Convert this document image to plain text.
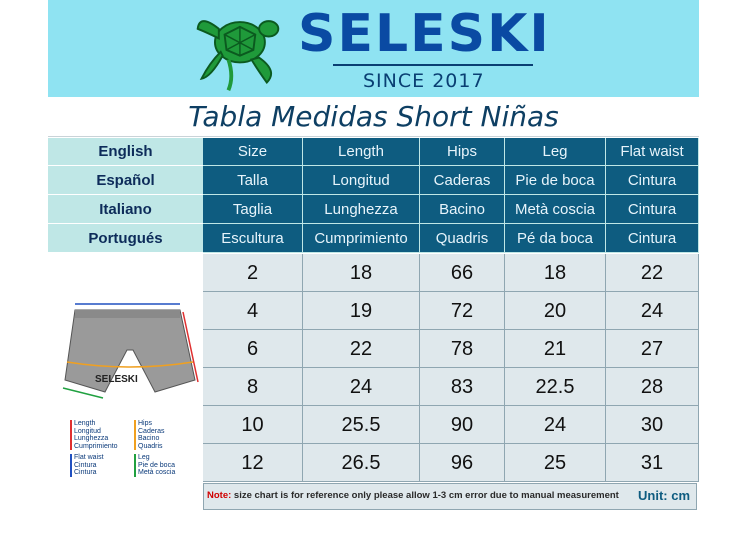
SELESKI
SINCE 2017
Tabla Medidas Short Niñas
English	Size	Length	Hips	Leg	Flat waist
Español	Talla	Longitud	Caderas	Pie de boca	Cintura
Italiano	Taglia	Lunghezza	Bacino	Metà coscia	Cintura
Portugués	Escultura	Cumprimiento	Quadris	Pé da boca	Cintura
2	18	66	18	22
4	19	72	20	24
6	22	78	21	27
8	24	83	22.5	28
10	25.5	90	24	30
12	26.5	96	25	31
SELESKI
Length
Longitud
Lunghezza
Cumprimiento
Hips
Caderas
Bacino
Quadris
Flat waist
Cintura
Cintura
Leg
Pie de boca
Metà coscia
Note: size chart is for reference only please allow 1-3 cm error due to manual measurement Unit: cm
